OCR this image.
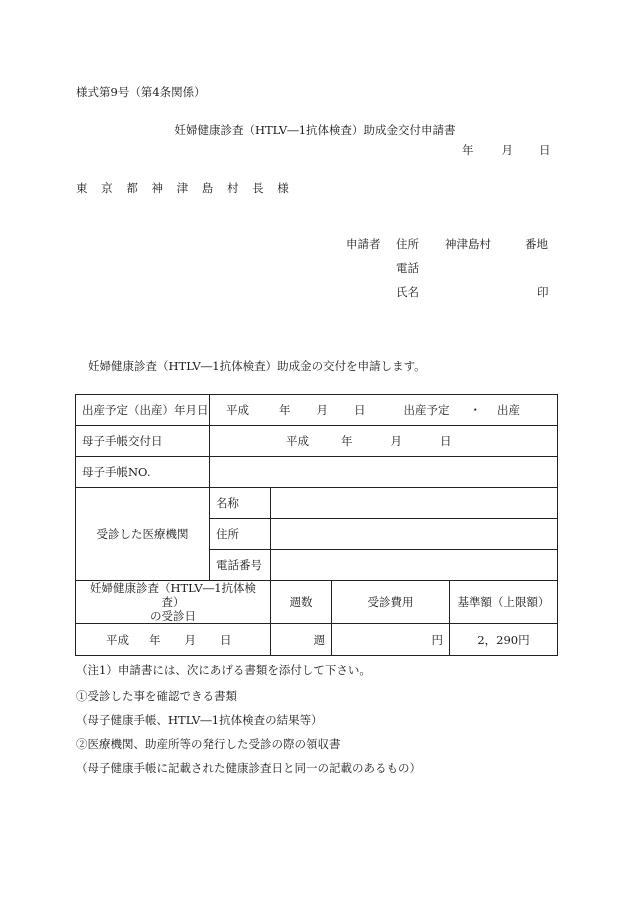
様式第9号（第4条関係）
妊婦健康診査（HTLV―1抗体検査）助成金交付申請書
年 月 日
東 京 都 神 津 島 村 長 様
申請者 住所 神津島村	番地
電話
氏名	印
妊婦健康診査（HTLV―1抗体検査）助成金の交付を申請します。
出産予定（出産）年月日	平成 年 月 日 出産予定 ・ 出産			
母子手帳交付日	平成 年 月 日			
母子手帳NO.				
受診した医療機関	名称			
	住所			
	電話番号			
妊婦健康診査（HTLV―1抗体検査）
の受診日		週数	受診費用	基準額（上限額）
平成 年 月 日		週	円	2，290円
（注1）申請書には、次にあげる書類を添付して下さい。
①受診した事を確認できる書類
（母子健康手帳、HTLV―1抗体検査の結果等）
②医療機関、助産所等の発行した受診の際の領収書
（母子健康手帳に記載された健康診査日と同一の記載のあるもの）
